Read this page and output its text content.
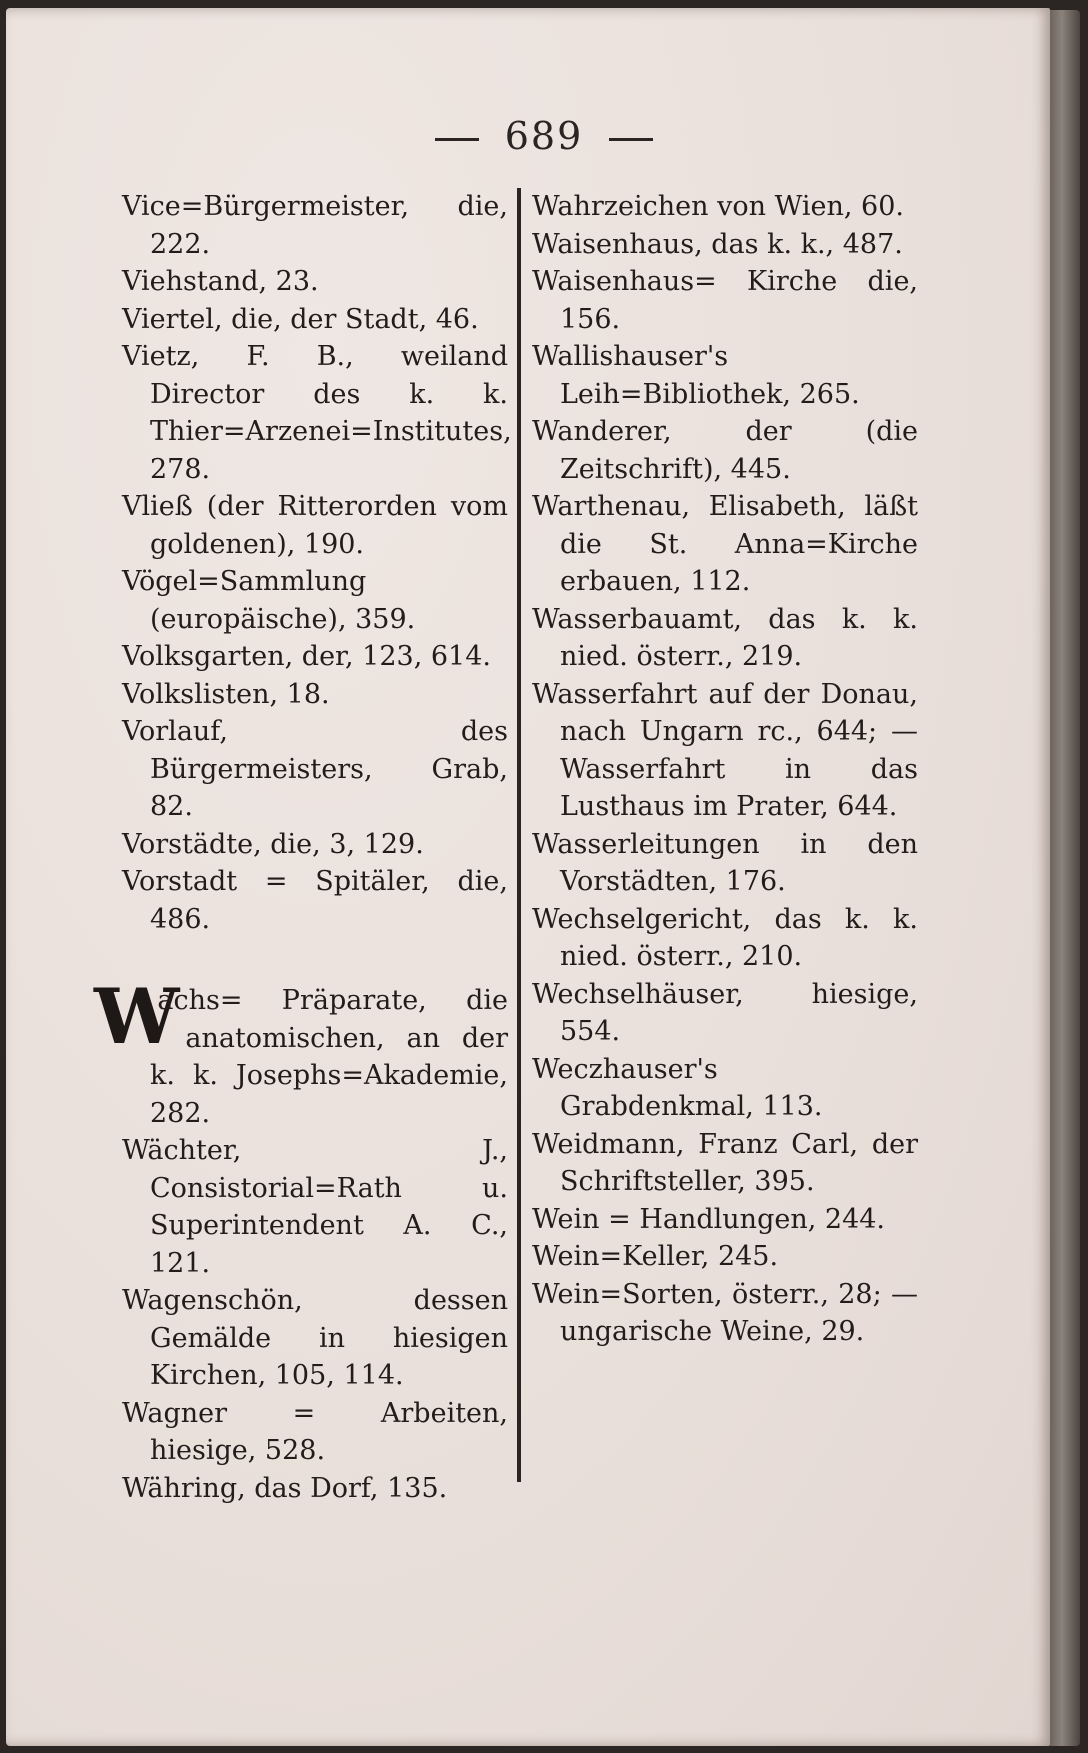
689
Vice=Bürgermeister, die, 222.
Viehstand, 23.
Viertel, die, der Stadt, 46.
Vietz, F. B., weiland Director des k. k. Thier=Arzenei=Institutes, 278.
Vließ (der Ritterorden vom goldenen), 190.
Vögel=Sammlung (europäische), 359.
Volksgarten, der, 123, 614.
Volkslisten, 18.
Vorlauf, des Bürgermeisters, Grab, 82.
Vorstädte, die, 3, 129.
Vorstadt = Spitäler, die, 486.
W
achs= Präparate, die anatomischen, an der k. k. Josephs=Akademie, 282.
Wächter, J., Consistorial=Rath u. Superintendent A. C., 121.
Wagenschön, dessen Gemälde in hiesigen Kirchen, 105, 114.
Wagner = Arbeiten, hiesige, 528.
Währing, das Dorf, 135.
Wahrzeichen von Wien, 60.
Waisenhaus, das k. k., 487.
Waisenhaus= Kirche die, 156.
Wallishauser's Leih=Bibliothek, 265.
Wanderer, der (die Zeitschrift), 445.
Warthenau, Elisabeth, läßt die St. Anna=Kirche erbauen, 112.
Wasserbauamt, das k. k. nied. österr., 219.
Wasserfahrt auf der Donau, nach Ungarn rc., 644; — Wasserfahrt in das Lusthaus im Prater, 644.
Wasserleitungen in den Vorstädten, 176.
Wechselgericht, das k. k. nied. österr., 210.
Wechselhäuser, hiesige, 554.
Weczhauser's Grabdenkmal, 113.
Weidmann, Franz Carl, der Schriftsteller, 395.
Wein = Handlungen, 244.
Wein=Keller, 245.
Wein=Sorten, österr., 28; — ungarische Weine, 29.
